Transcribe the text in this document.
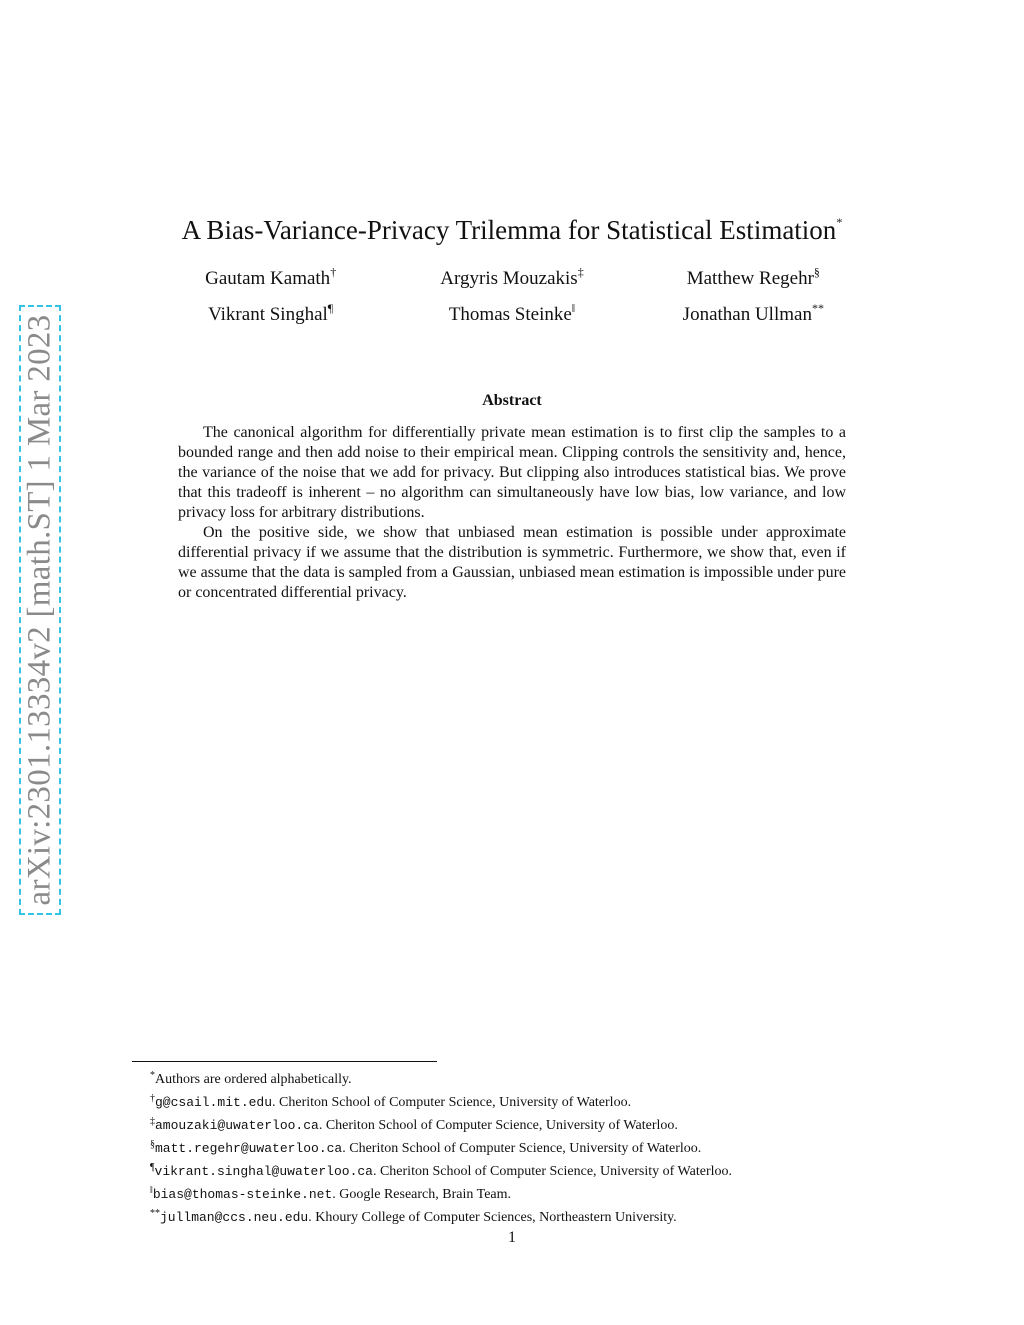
arXiv:2301.13334v2 [math.ST] 1 Mar 2023
A Bias-Variance-Privacy Trilemma for Statistical Estimation*
Gautam Kamath†	Argyris Mouzakis‡	Matthew Regehr§
Vikrant Singhal¶	Thomas Steinke‖	Jonathan Ullman**
Abstract

The canonical algorithm for differentially private mean estimation is to first clip the samples to a bounded range and then add noise to their empirical mean. Clipping controls the sensitivity and, hence, the variance of the noise that we add for privacy. But clipping also introduces statistical bias. We prove that this tradeoff is inherent – no algorithm can simultaneously have low bias, low variance, and low privacy loss for arbitrary distributions.

On the positive side, we show that unbiased mean estimation is possible under approximate differential privacy if we assume that the distribution is symmetric. Furthermore, we show that, even if we assume that the data is sampled from a Gaussian, unbiased mean estimation is impossible under pure or concentrated differential privacy.

*Authors are ordered alphabetically.
†g@csail.mit.edu. Cheriton School of Computer Science, University of Waterloo.
‡amouzaki@uwaterloo.ca. Cheriton School of Computer Science, University of Waterloo.
§matt.regehr@uwaterloo.ca. Cheriton School of Computer Science, University of Waterloo.
¶vikrant.singhal@uwaterloo.ca. Cheriton School of Computer Science, University of Waterloo.
‖bias@thomas-steinke.net. Google Research, Brain Team.
**jullman@ccs.neu.edu. Khoury College of Computer Sciences, Northeastern University.
1
